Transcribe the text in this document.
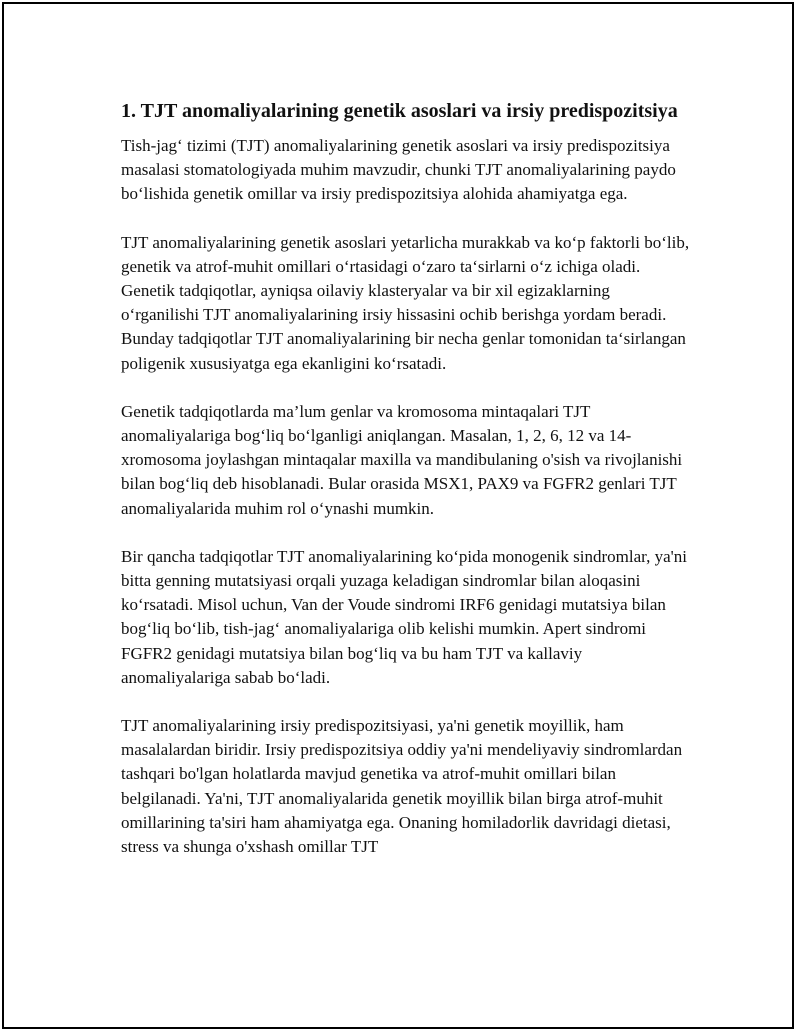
1. TJT anomaliyalarining genetik asoslari va irsiy predispozitsiya

Tish-jag‘ tizimi (TJT) anomaliyalarining genetik asoslari va irsiy predispozitsiya masalasi stomatologiyada muhim mavzudir, chunki TJT anomaliyalarining paydo bo‘lishida genetik omillar va irsiy predispozitsiya alohida ahamiyatga ega.

TJT anomaliyalarining genetik asoslari yetarlicha murakkab va ko‘p faktorli bo‘lib, genetik va atrof-muhit omillari o‘rtasidagi o‘zaro ta‘sirlarni o‘z ichiga oladi. Genetik tadqiqotlar, ayniqsa oilaviy klasteryalar va bir xil egizaklarning o‘rganilishi TJT anomaliyalarining irsiy hissasini ochib berishga yordam beradi. Bunday tadqiqotlar TJT anomaliyalarining bir necha genlar tomonidan ta‘sirlangan poligenik xususiyatga ega ekanligini ko‘rsatadi.

Genetik tadqiqotlarda ma’lum genlar va kromosoma mintaqalari TJT anomaliyalariga bog‘liq bo‘lganligi aniqlangan. Masalan, 1, 2, 6, 12 va 14-xromosoma joylashgan mintaqalar maxilla va mandibulaning o'sish va rivojlanishi bilan bog‘liq deb hisoblanadi. Bular orasida MSX1, PAX9 va FGFR2 genlari TJT anomaliyalarida muhim rol o‘ynashi mumkin.

Bir qancha tadqiqotlar TJT anomaliyalarining ko‘pida monogenik sindromlar, ya'ni bitta genning mutatsiyasi orqali yuzaga keladigan sindromlar bilan aloqasini ko‘rsatadi. Misol uchun, Van der Voude sindromi IRF6 genidagi mutatsiya bilan bog‘liq bo‘lib, tish-jag‘ anomaliyalariga olib kelishi mumkin. Apert sindromi FGFR2 genidagi mutatsiya bilan bog‘liq va bu ham TJT va kallaviy anomaliyalariga sabab bo‘ladi.

TJT anomaliyalarining irsiy predispozitsiyasi, ya'ni genetik moyillik, ham masalalardan biridir. Irsiy predispozitsiya oddiy ya'ni mendeliyaviy sindromlardan tashqari bo'lgan holatlarda mavjud genetika va atrof-muhit omillari bilan belgilanadi. Ya'ni, TJT anomaliyalarida genetik moyillik bilan birga atrof-muhit omillarining ta'siri ham ahamiyatga ega. Onaning homiladorlik davridagi dietasi, stress va shunga o'xshash omillar TJT
